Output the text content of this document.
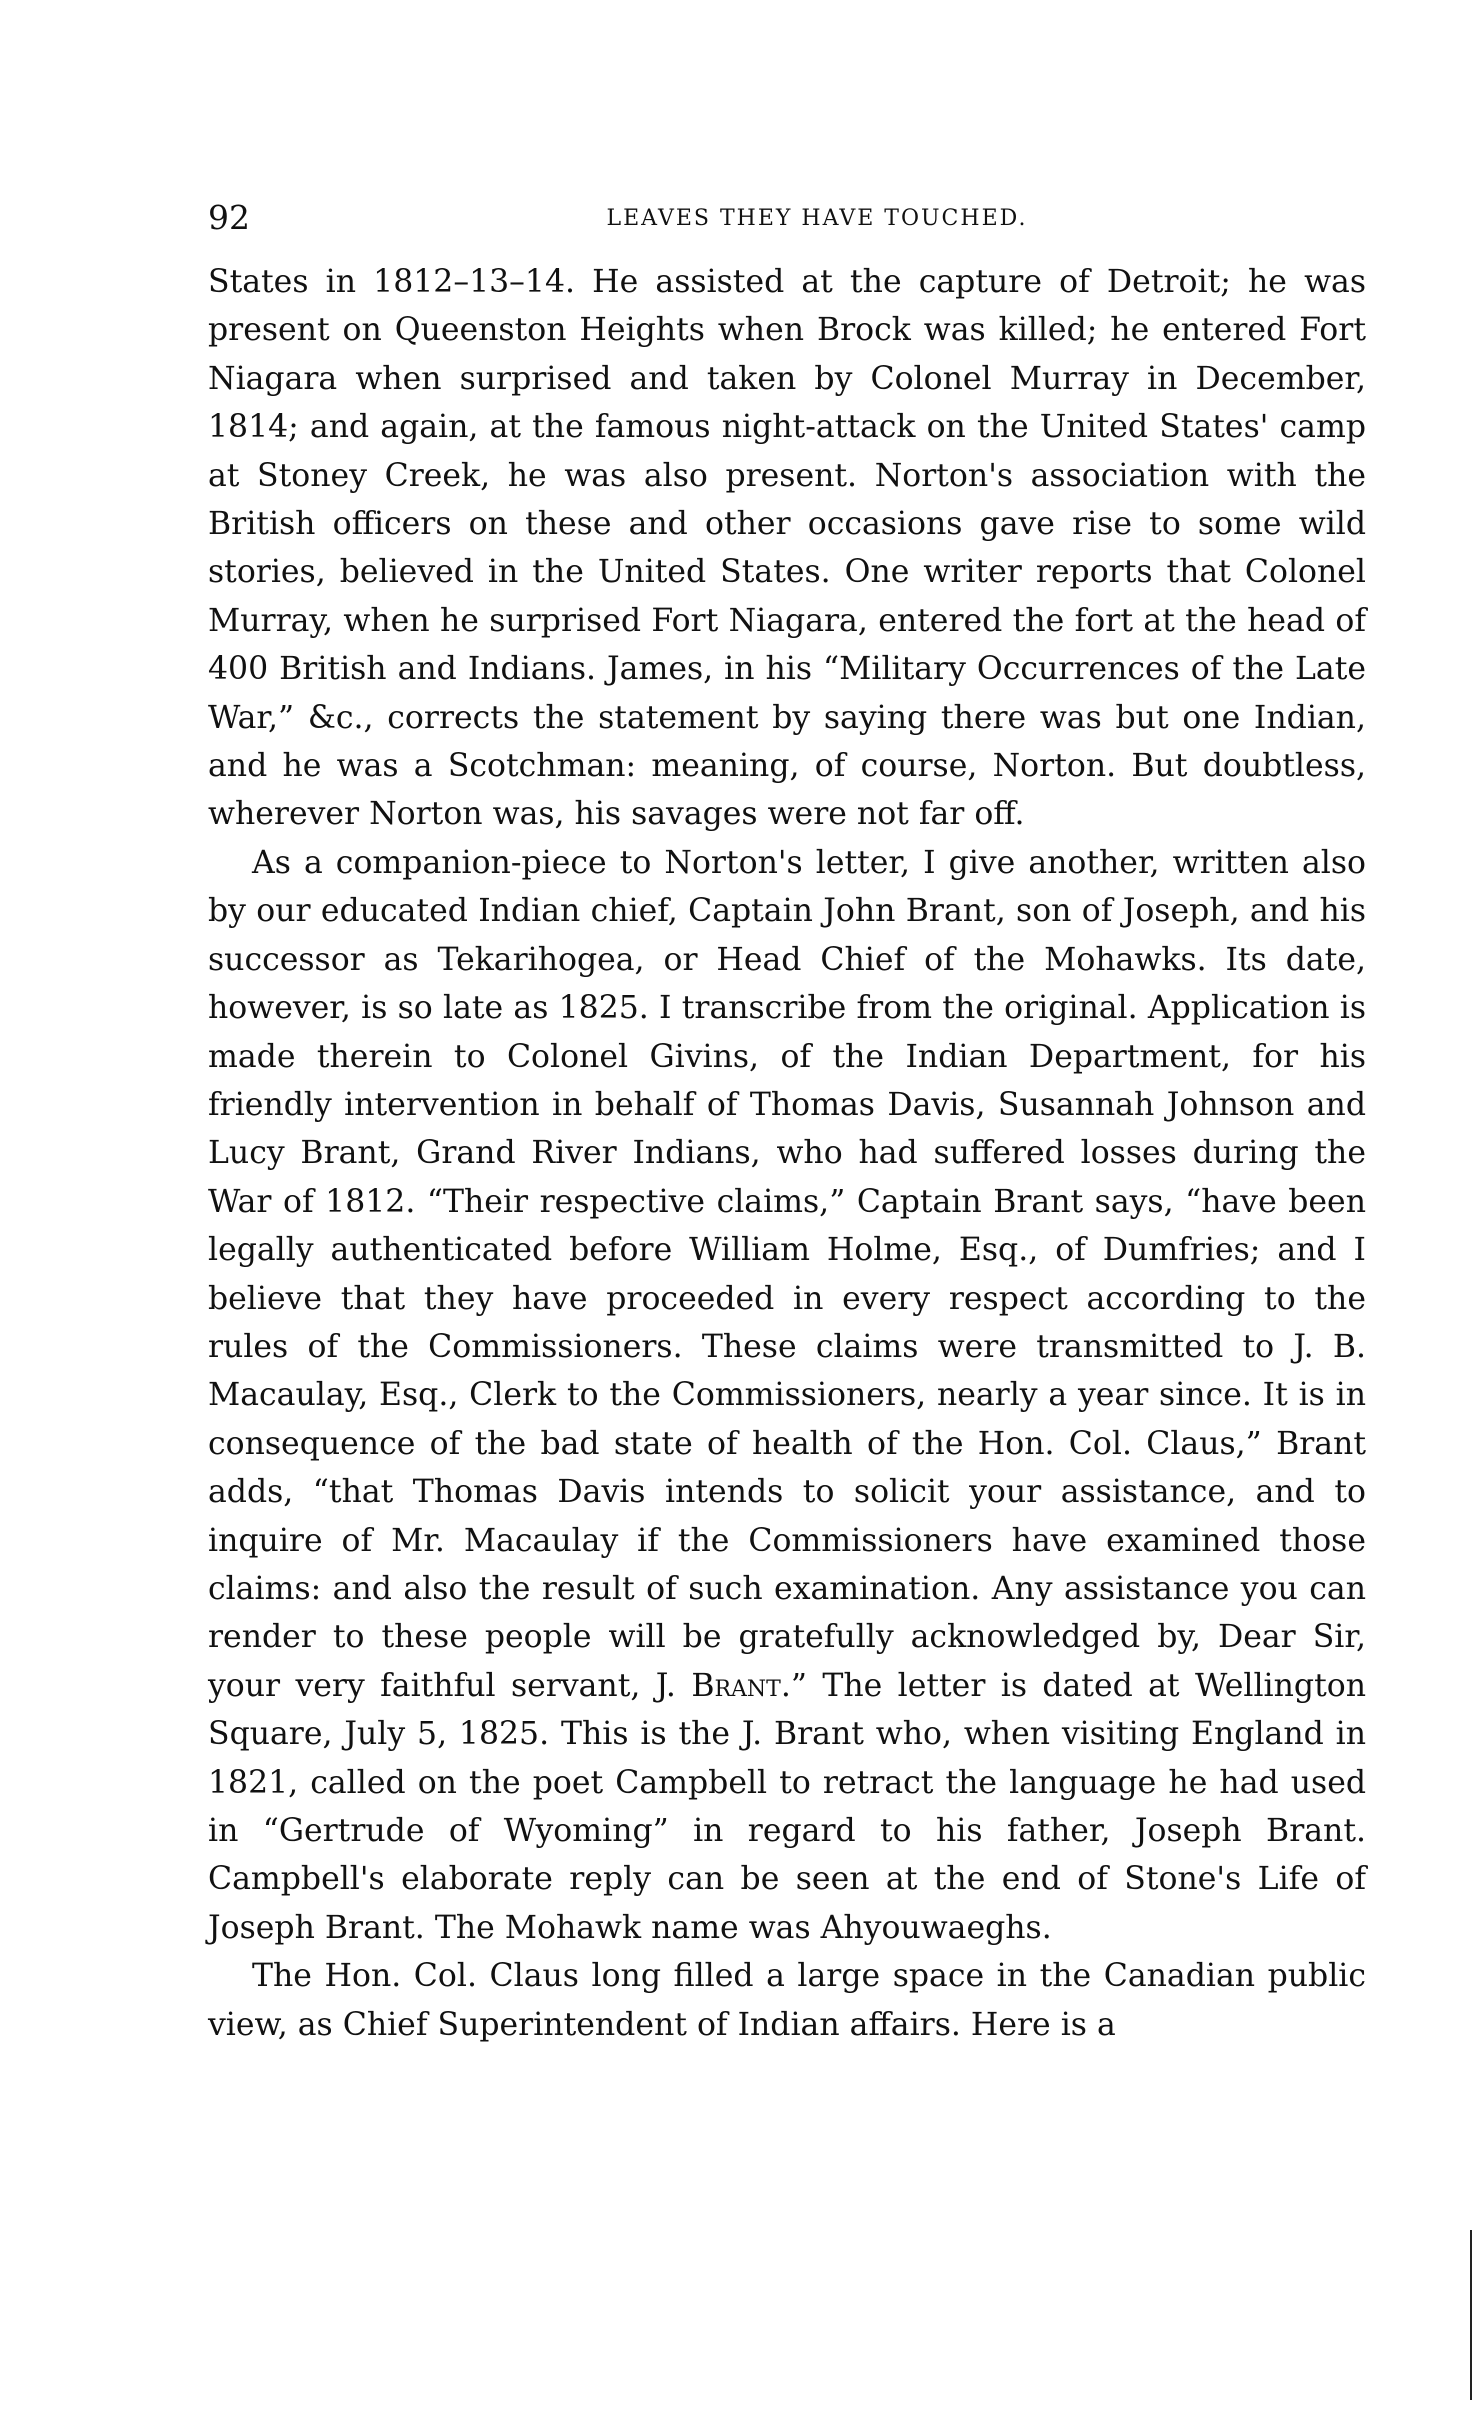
92	LEAVES THEY HAVE TOUCHED.

States in 1812–13–14. He assisted at the capture of Detroit; he was present on Queenston Heights when Brock was killed; he entered Fort Niagara when surprised and taken by Colonel Murray in December, 1814; and again, at the famous night-attack on the United States' camp at Stoney Creek, he was also present. Norton's association with the British officers on these and other occasions gave rise to some wild stories, believed in the United States. One writer reports that Colonel Murray, when he surprised Fort Niagara, entered the fort at the head of 400 British and Indians. James, in his “Military Occurrences of the Late War,” &c., corrects the statement by saying there was but one Indian, and he was a Scotchman: meaning, of course, Norton. But doubtless, wherever Norton was, his savages were not far off.

As a companion-piece to Norton's letter, I give another, written also by our educated Indian chief, Captain John Brant, son of Joseph, and his successor as Tekarihogea, or Head Chief of the Mohawks. Its date, however, is so late as 1825. I transcribe from the original. Application is made therein to Colonel Givins, of the Indian Department, for his friendly intervention in behalf of Thomas Davis, Susannah Johnson and Lucy Brant, Grand River Indians, who had suffered losses during the War of 1812. “Their respective claims,” Captain Brant says, “have been legally authenticated before William Holme, Esq., of Dumfries; and I believe that they have proceeded in every respect according to the rules of the Commissioners. These claims were transmitted to J. B. Macaulay, Esq., Clerk to the Commissioners, nearly a year since. It is in consequence of the bad state of health of the Hon. Col. Claus,” Brant adds, “that Thomas Davis intends to solicit your assistance, and to inquire of Mr. Macaulay if the Commissioners have examined those claims: and also the result of such examination. Any assistance you can render to these people will be gratefully acknowledged by, Dear Sir, your very faithful servant, J. Brant.” The letter is dated at Wellington Square, July 5, 1825. This is the J. Brant who, when visiting England in 1821, called on the poet Campbell to retract the language he had used in “Gertrude of Wyoming” in regard to his father, Joseph Brant. Campbell's elaborate reply can be seen at the end of Stone's Life of Joseph Brant. The Mohawk name was Ahyouwaeghs.

The Hon. Col. Claus long filled a large space in the Canadian public view, as Chief Superintendent of Indian affairs. Here is a
